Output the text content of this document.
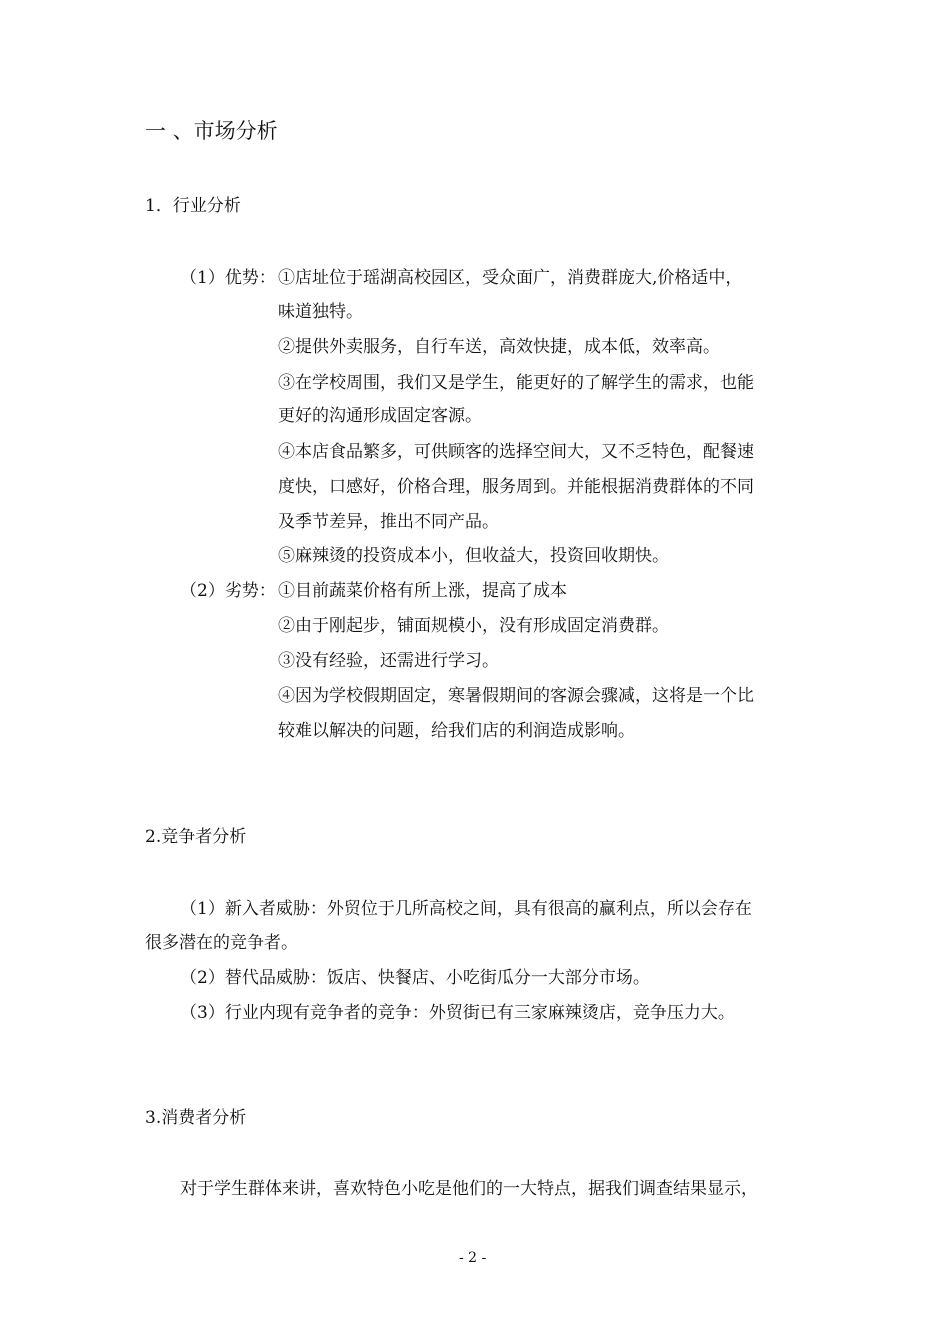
一 、市场分析
1．行业分析
（1）优势： ①店址位于瑶湖高校园区，受众面广，消费群庞大,价格适中，
味道独特。
②提供外卖服务，自行车送，高效快捷，成本低，效率高。
③在学校周围，我们又是学生，能更好的了解学生的需求，也能
更好的沟通形成固定客源。
④本店食品繁多，可供顾客的选择空间大，又不乏特色，配餐速
度快，口感好，价格合理，服务周到。并能根据消费群体的不同
及季节差异，推出不同产品。
⑤麻辣烫的投资成本小，但收益大，投资回收期快。
（2）劣势： ①目前蔬菜价格有所上涨，提高了成本
②由于刚起步，铺面规模小，没有形成固定消费群。
③没有经验，还需进行学习。
④因为学校假期固定，寒暑假期间的客源会骤减，这将是一个比
较难以解决的问题，给我们店的利润造成影响。
2.竞争者分析
（1）新入者威胁：外贸位于几所高校之间，具有很高的赢利点，所以会存在
很多潜在的竞争者。
（2）替代品威胁：饭店、快餐店、小吃街瓜分一大部分市场。
（3）行业内现有竞争者的竞争：外贸街已有三家麻辣烫店，竞争压力大。
3.消费者分析
对于学生群体来讲，喜欢特色小吃是他们的一大特点，据我们调查结果显示，
- 2 -
